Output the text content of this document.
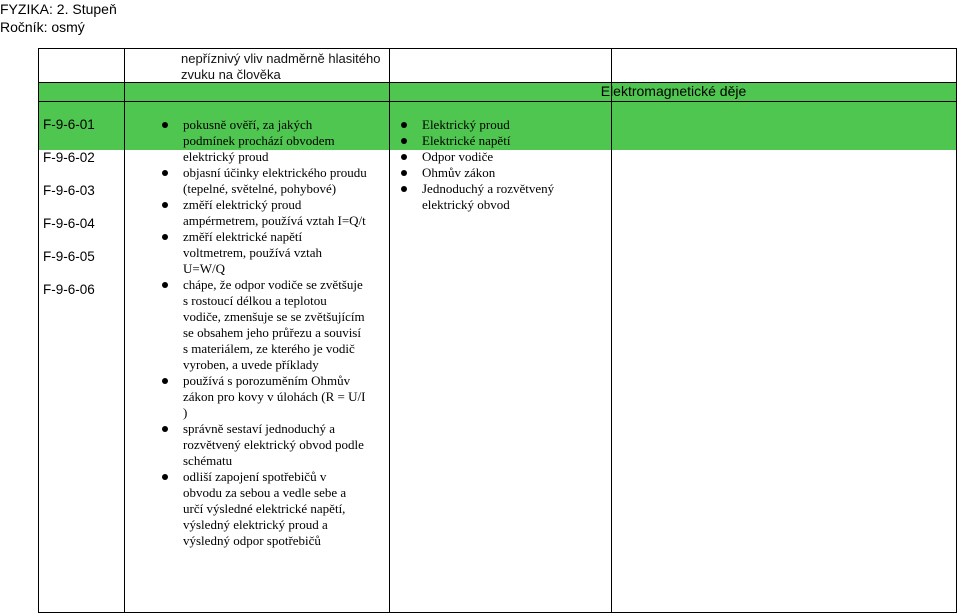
FYZIKA: 2. Stupeň
Ročník: osmý
nepříznivý vliv nadměrně hlasitého zvuku na člověka
Elektromagnetické děje
F-9-6-01
F-9-6-02
F-9-6-03
F-9-6-04
F-9-6-05
F-9-6-06
pokusně ověří, za jakých podmínek prochází obvodem elektrický proud
objasní účinky elektrického proudu (tepelné, světelné, pohybové)
změří elektrický proud ampérmetrem, používá vztah I=Q/t
změří elektrické napětí voltmetrem, používá vztah U=W/Q
chápe, že odpor vodiče se zvětšuje s rostoucí délkou a teplotou vodiče, zmenšuje se se zvětšujícím se obsahem jeho průřezu a souvisí s materiálem, ze kterého je vodič vyroben, a uvede příklady
používá s porozuměním Ohmův zákon pro kovy v úlohách (R = U/I )
správně sestaví jednoduchý a rozvětvený elektrický obvod podle schématu
odliší zapojení spotřebičů v obvodu za sebou a vedle sebe a určí výsledné elektrické napětí, výsledný elektrický proud a výsledný odpor spotřebičů
Elektrický proud
Elektrické napětí
Odpor vodiče
Ohmův zákon
Jednoduchý a rozvětvený elektrický obvod
